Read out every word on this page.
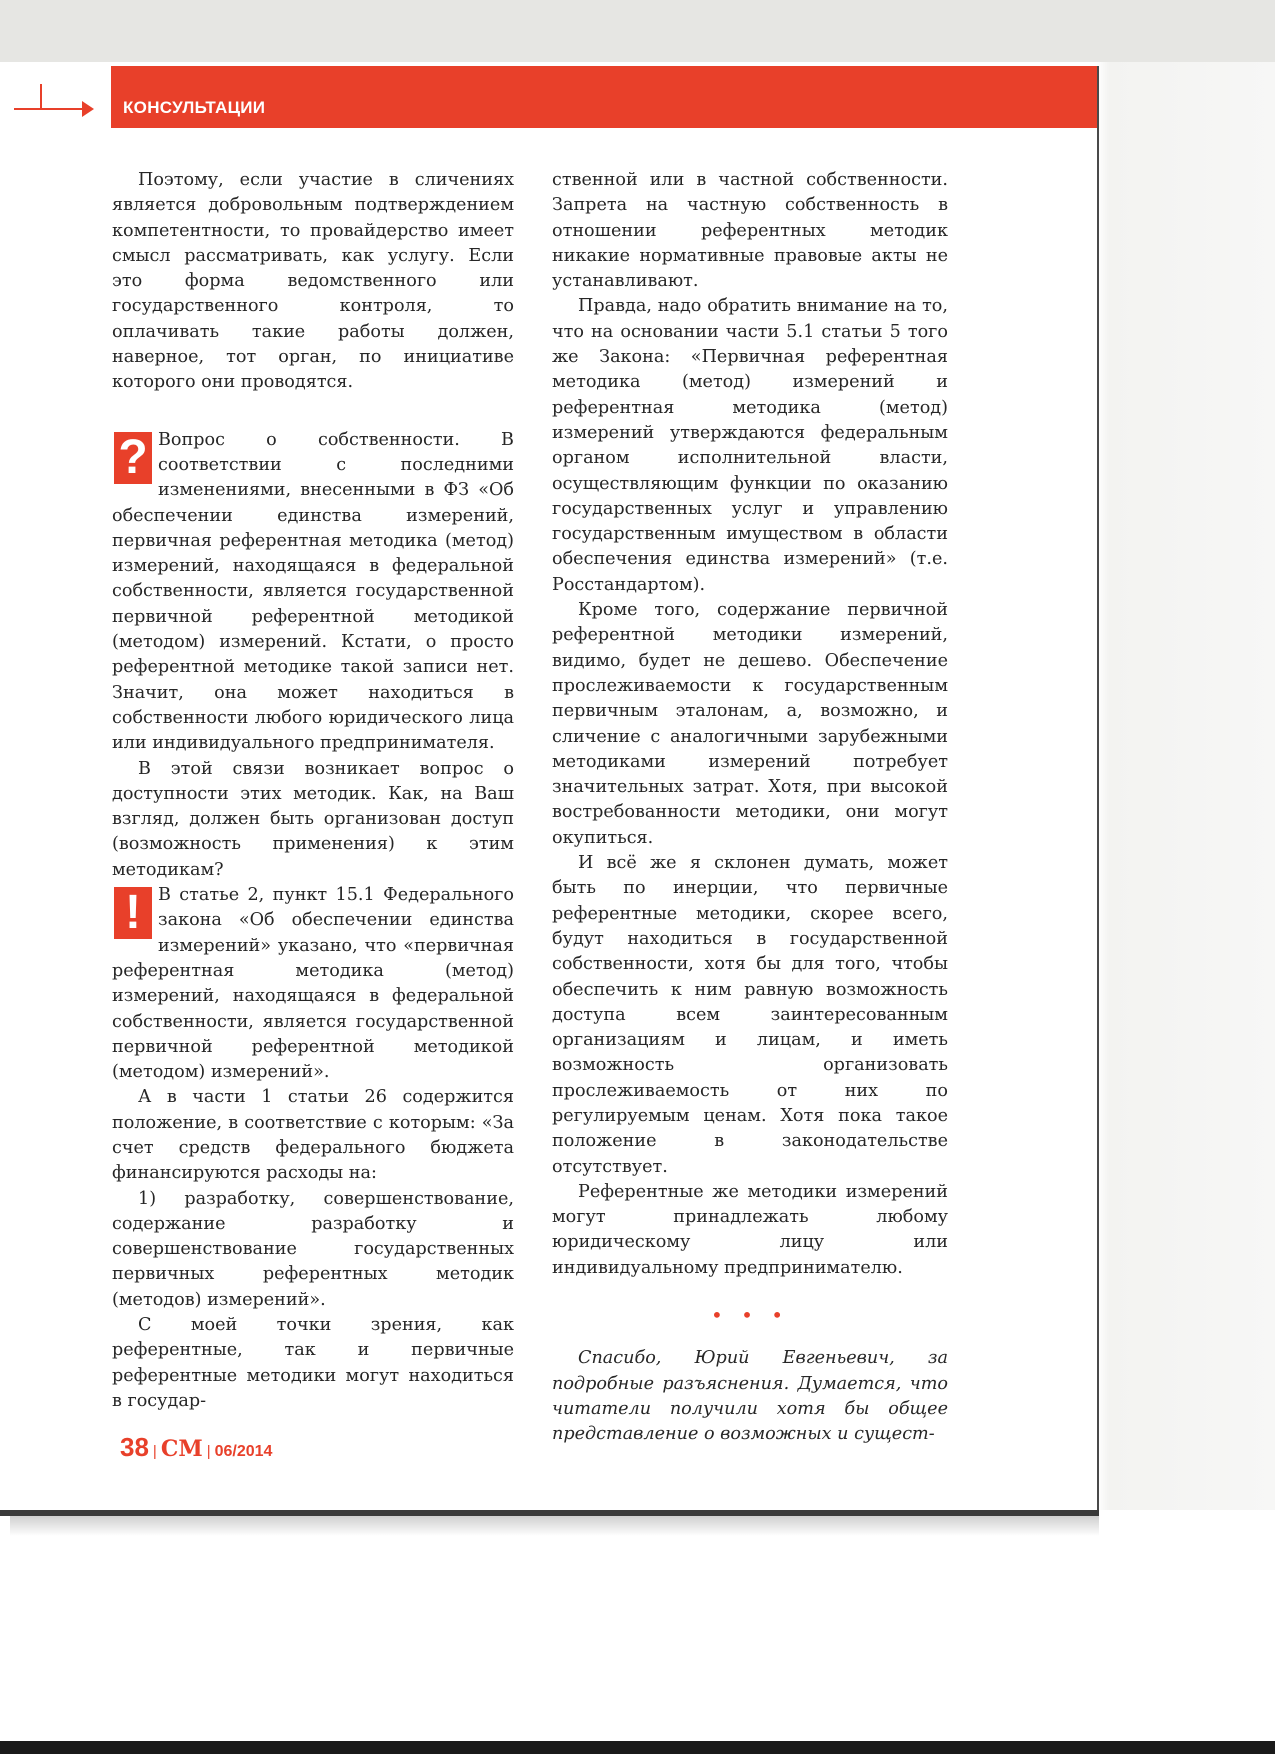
КОНСУЛЬТАЦИИ

Поэтому, если участие в сличениях является добровольным подтверждением компетентности, то провайдерство имеет смысл рассматривать, как услугу. Если это форма ведомственного или государственного контроля, то оплачивать такие работы должен, наверное, тот орган, по инициативе которого они проводятся.

? Вопрос о собственности. В соответствии с последними изменениями, внесенными в ФЗ «Об обеспечении единства измерений, первичная референтная методика (метод) измерений, находящаяся в федеральной собственности, является государственной первичной референтной методикой (методом) измерений. Кстати, о просто референтной методике такой записи нет. Значит, она может находиться в собственности любого юридического лица или индивидуального предпринимателя.

В этой связи возникает вопрос о доступности этих методик. Как, на Ваш взгляд, должен быть организован доступ (возможность применения) к этим методикам?

! В статье 2, пункт 15.1 Федерального закона «Об обеспечении единства измерений» указано, что «первичная референтная методика (метод) измерений, находящаяся в федеральной собственности, является государственной первичной референтной методикой (методом) измерений».

А в части 1 статьи 26 содержится положение, в соответствие с которым: «За счет средств федерального бюджета финансируются расходы на:

1) разработку, совершенствование, содержание разработку и совершенствование государственных первичных референтных методик (методов) измерений».

С моей точки зрения, как референтные, так и первичные референтные методики могут находиться в государ-

ственной или в частной собственности. Запрета на частную собственность в отношении референтных методик никакие нормативные правовые акты не устанавливают.

Правда, надо обратить внимание на то, что на основании части 5.1 статьи 5 того же Закона: «Первичная референтная методика (метод) измерений и референтная методика (метод) измерений утверждаются федеральным органом исполнительной власти, осуществляющим функции по оказанию государственных услуг и управлению государственным имуществом в области обеспечения единства измерений» (т.е. Росстандартом).

Кроме того, содержание первичной референтной методики измерений, видимо, будет не дешево. Обеспечение прослеживаемости к государственным первичным эталонам, а, возможно, и сличение с аналогичными зарубежными методиками измерений потребует значительных затрат. Хотя, при высокой востребованности методики, они могут окупиться.

И всё же я склонен думать, может быть по инерции, что первичные референтные методики, скорее всего, будут находиться в государственной собственности, хотя бы для того, чтобы обеспечить к ним равную возможность доступа всем заинтересованным организациям и лицам, и иметь возможность организовать прослеживаемость от них по регулируемым ценам. Хотя пока такое положение в законодательстве отсутствует.

Референтные же методики измерений могут принадлежать любому юридическому лицу или индивидуальному предпринимателю.

• • •

Спасибо, Юрий Евгеньевич, за подробные разъяснения. Думается, что читатели получили хотя бы общее представление о возможных и сущест-

38 | СМ | 06/2014
